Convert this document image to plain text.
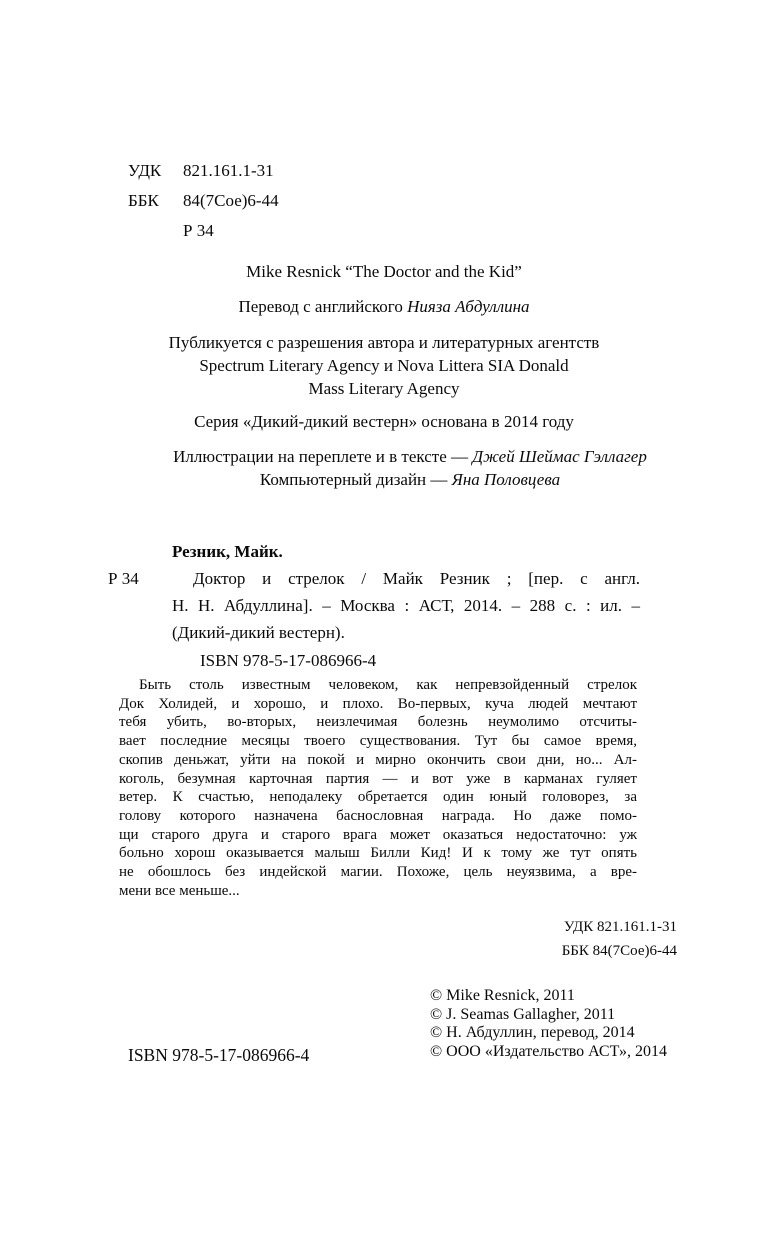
УДК	821.161.1-31
ББК	84(7Сое)6-44
Р 34

Mike Resnick “The Doctor and the Kid”

Перевод с английского Нияза Абдуллина

Публикуется с разрешения автора и литературных агентств
Spectrum Literary Agency и Nova Littera SIA Donald
Mass Literary Agency

Серия «Дикий-дикий вестерн» основана в 2014 году

Иллюстрации на переплете и в тексте — Джей Шеймас Гэллагер
Компьютерный дизайн — Яна Половцева

Р 34
Резник, Майк.
Доктор и стрелок / Майк Резник ; [пер. с англ.
Н. Н. Абдуллина]. – Москва : АСТ, 2014. – 288 с. : ил. –
(Дикий-дикий вестерн).
ISBN 978-5-17-086966-4
Быть столь известным человеком, как непревзойденный стрелок
Док Холидей, и хорошо, и плохо. Во-первых, куча людей мечтают
тебя убить, во-вторых, неизлечимая болезнь неумолимо отсчиты-
вает последние месяцы твоего существования. Тут бы самое время,
скопив деньжат, уйти на покой и мирно окончить свои дни, но... Ал-
коголь, безумная карточная партия — и вот уже в карманах гуляет
ветер. К счастью, неподалеку обретается один юный головорез, за
голову которого назначена баснословная награда. Но даже помо-
щи старого друга и старого врага может оказаться недостаточно: уж
больно хорош оказывается малыш Билли Кид! И к тому же тут опять
не обошлось без индейской магии. Похоже, цель неуязвима, а вре-
мени все меньше...
УДК 821.161.1-31
ББК 84(7Сое)6-44
© Mike Resnick, 2011
© J. Seamas Gallagher, 2011
© Н. Абдуллин, перевод, 2014
© ООО «Издательство АСТ», 2014
ISBN 978-5-17-086966-4
